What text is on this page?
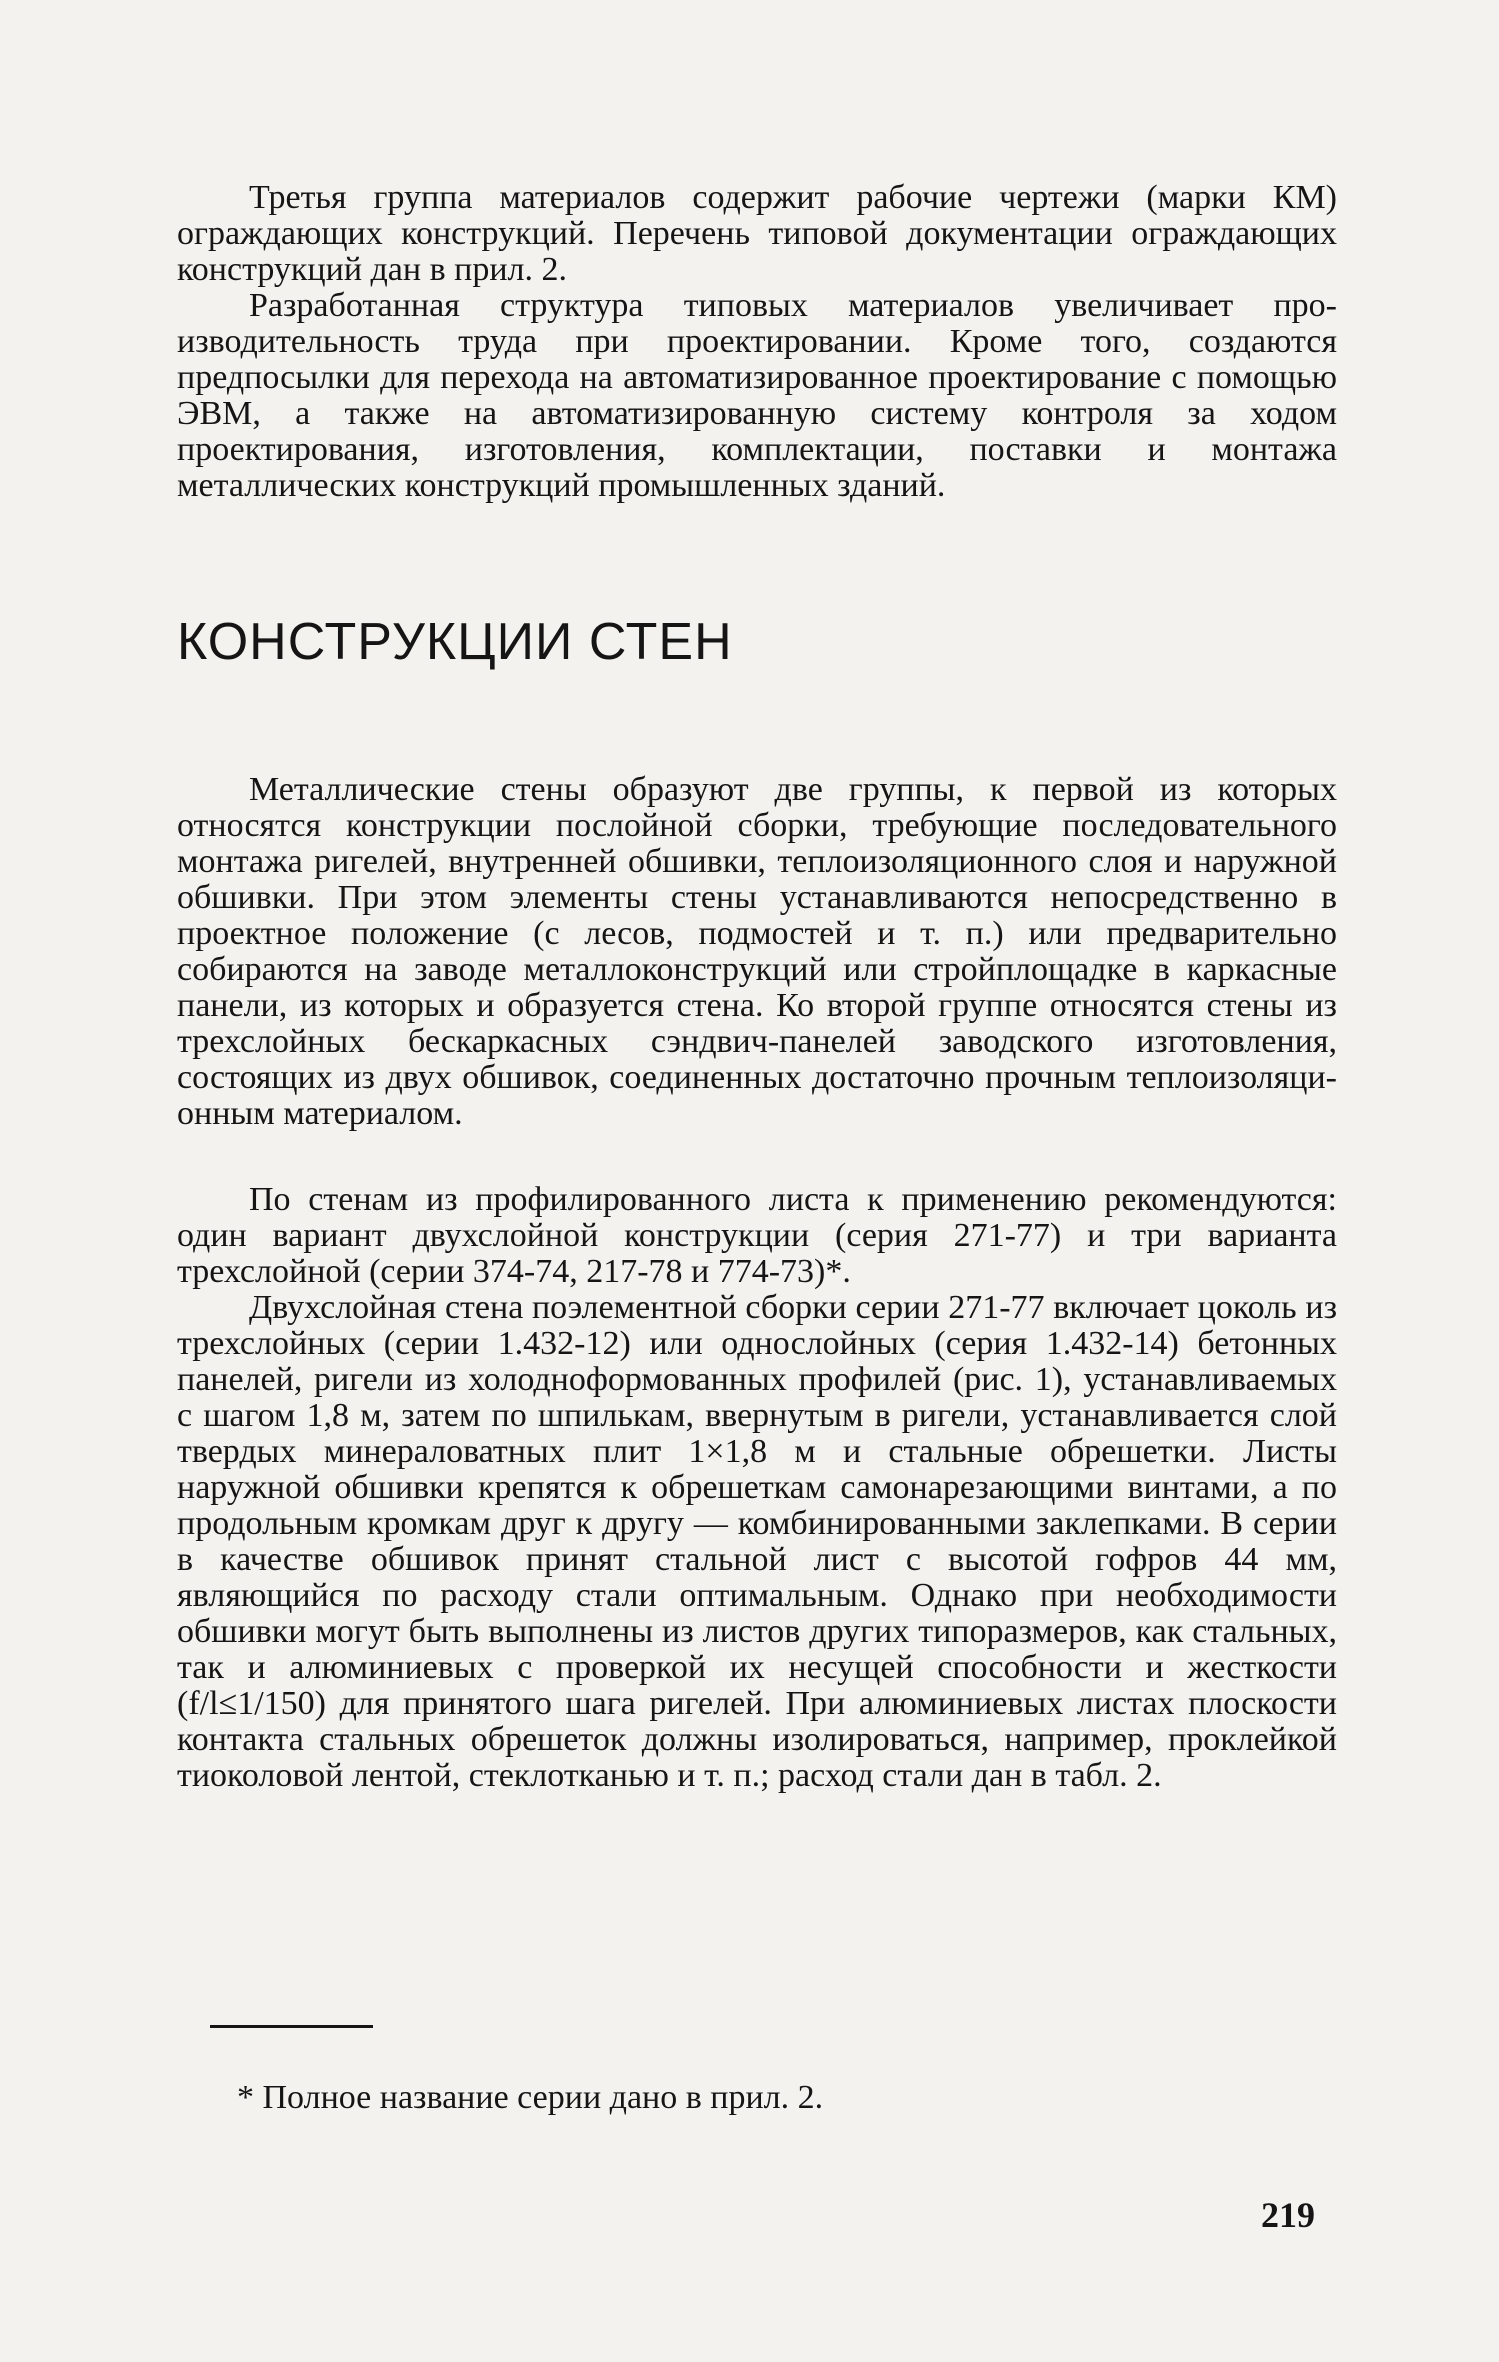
Третья группа материалов содержит рабочие чертежи (марки КМ) ограждающих конструкций. Перечень типовой документации ограждающих конструкций дан в прил. 2.

Разработанная структура типовых материалов увеличивает производительность труда при проектировании. Кроме того, создаются предпосылки для перехода на автоматизированное проектирование с помощью ЭВМ, а также на автоматизированную систему контроля за ходом проектирования, изготовления, комплектации, поставки и монтажа металлических конструкций промышленных зданий.

КОНСТРУКЦИИ СТЕН

Металлические стены образуют две группы, к первой из которых относятся конструкции послойной сборки, требующие последовательного монтажа ригелей, внутренней обшивки, теплоизоляционного слоя и наружной обшивки. При этом элементы стены устанавливаются непосредственно в проектное положение (с лесов, подмостей и т. п.) или предварительно собираются на заводе металлоконструкций или стройплощадке в каркасные панели, из которых и образуется стена. Ко второй группе относятся стены из трехслойных бескаркасных сэндвич-панелей заводского изготовления, состоящих из двух обшивок, соединенных достаточно прочным теплоизоляционным материалом.

По стенам из профилированного листа к применению рекомендуются: один вариант двухслойной конструкции (серия 271-77) и три варианта трехслойной (серии 374-74, 217-78 и 774-73)*.

Двухслойная стена поэлементной сборки серии 271-77 включает цоколь из трехслойных (серии 1.432-12) или однослойных (серия 1.432-14) бетонных панелей, ригели из холоднoформованных профилей (рис. 1), устанавливаемых с шагом 1,8 м, затем по шпилькам, ввернутым в ригели, устанавливается слой твердых минераловатных плит 1×1,8 м и стальные обрешетки. Листы наружной обшивки крепятся к обрешеткам самонарезающими винтами, а по продольным кромкам друг к другу — комбинированными заклепками. В серии в качестве обшивок принят стальной лист с высотой гофров 44 мм, являющийся по расходу стали оптимальным. Однако при необходимости обшивки могут быть выполнены из листов других типоразмеров, как стальных, так и алюминиевых с проверкой их несущей способности и жесткости (f/l≤1/150) для принятого шага ригелей. При алюминиевых листах плоскости контакта стальных обрешеток должны изолироваться, например, проклейкой тиоколовой лентой, стеклотканью и т. п.; расход стали дан в табл. 2.

* Полное название серии дано в прил. 2.

219
